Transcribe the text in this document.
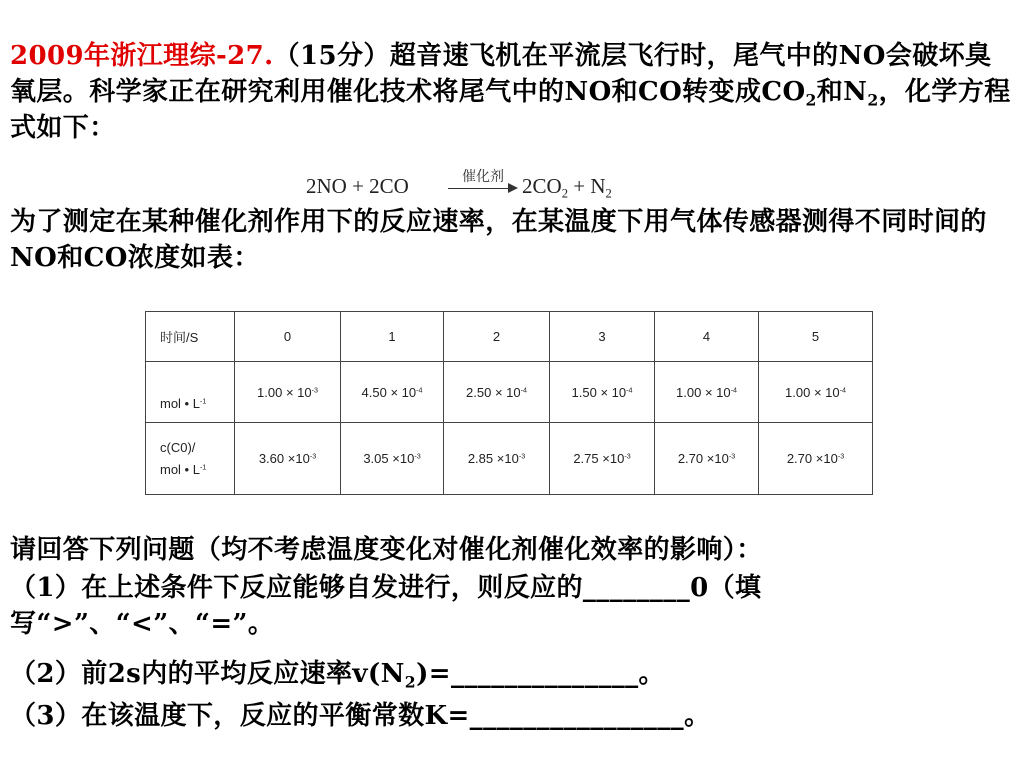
2009年浙江理综-27.（15分）超音速飞机在平流层飞行时，尾气中的NO会破坏臭氧层。科学家正在研究利用催化技术将尾气中的NO和CO转变成$CO_2$和$N_2$，化学方程式如下：
2NO + 2CO	催化剂 $2CO_2 + N_2$
为了测定在某种催化剂作用下的反应速率，在某温度下用气体传感器测得不同时间的NO和CO浓度如表：
时间/S	0	1	2	3	4	5
mol • $L^{-1}$	$1.00 \times 10^{-3}$	$4.50 \times 10^{-4}$	$2.50 \times 10^{-4}$	$1.50 \times 10^{-4}$	$1.00 \times 10^{-4}$	$1.00 \times 10^{-4}$
c(C0)/
mol • $L^{-1}$	$3.60 \times 10^{-3}$	$3.05 \times 10^{-3}$	$2.85 \times 10^{-3}$	$2.75 \times 10^{-3}$	$2.70 \times 10^{-3}$	$2.70 \times 10^{-3}$
请回答下列问题（均不考虑温度变化对催化剂催化效率的影响）：
（1）在上述条件下反应能够自发进行，则反应的________0（填写“>”、“<”、“=”。
（2）前2s内的平均反应速率$v(N_2)=\_\_\_\_\_\_\_\_\_\_\_\_\_\_$。
（3）在该温度下，反应的平衡常数K=________________。
